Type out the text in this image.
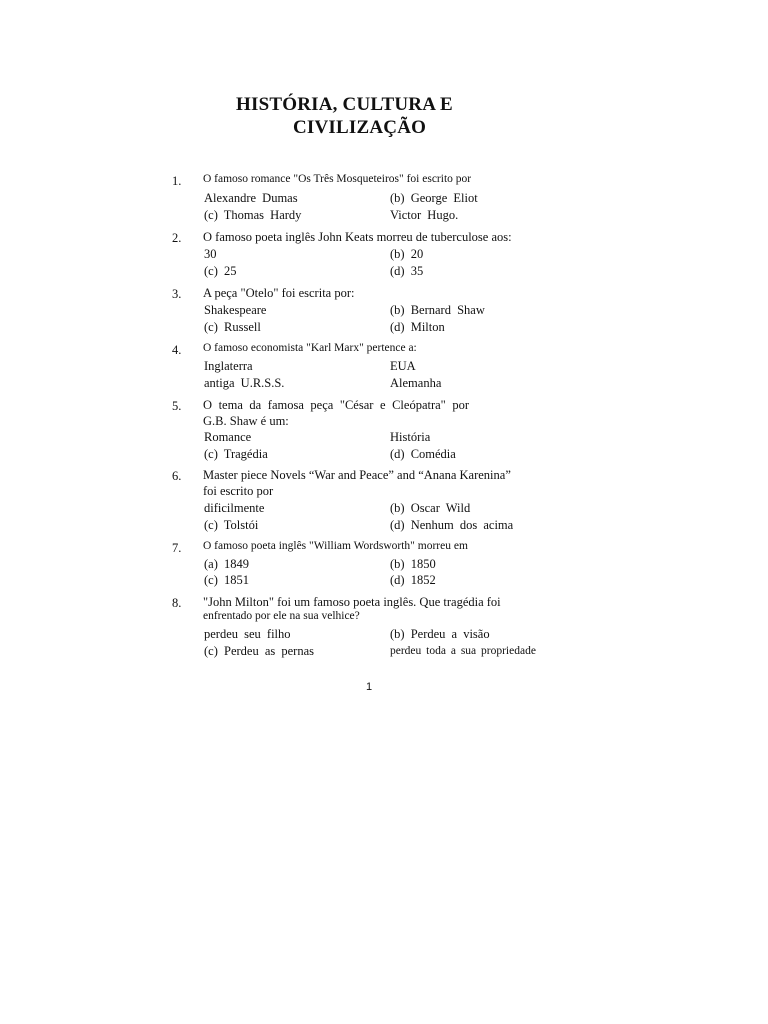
HISTÓRIA, CULTURA E
CIVILIZAÇÃO
1. O famoso romance "Os Três Mosqueteiros" foi escrito por
Alexandre Dumas	(b) George Eliot
(c) Thomas Hardy	Victor Hugo.
2. O famoso poeta inglês John Keats morreu de tuberculose aos:
30	(b) 20
(c) 25	(d) 35
3. A peça "Otelo" foi escrita por:
Shakespeare	(b) Bernard Shaw
(c) Russell	(d) Milton
4. O famoso economista "Karl Marx" pertence a:
Inglaterra	EUA
antiga U.R.S.S.	Alemanha
5. O tema da famosa peça "César e Cleópatra" por
G.B. Shaw é um:
Romance	História
(c) Tragédia	(d) Comédia
6. Master piece Novels “War and Peace” and “Anana Karenina”
foi escrito por
dificilmente	(b) Oscar Wild
(c) Tolstói	(d) Nenhum dos acima
7. O famoso poeta inglês "William Wordsworth" morreu em
(a) 1849	(b) 1850
(c) 1851	(d) 1852
8. "John Milton" foi um famoso poeta inglês. Que tragédia foi
enfrentado por ele na sua velhice?
perdeu seu filho	(b) Perdeu a visão
(c) Perdeu as pernas	perdeu toda a sua propriedade
1
